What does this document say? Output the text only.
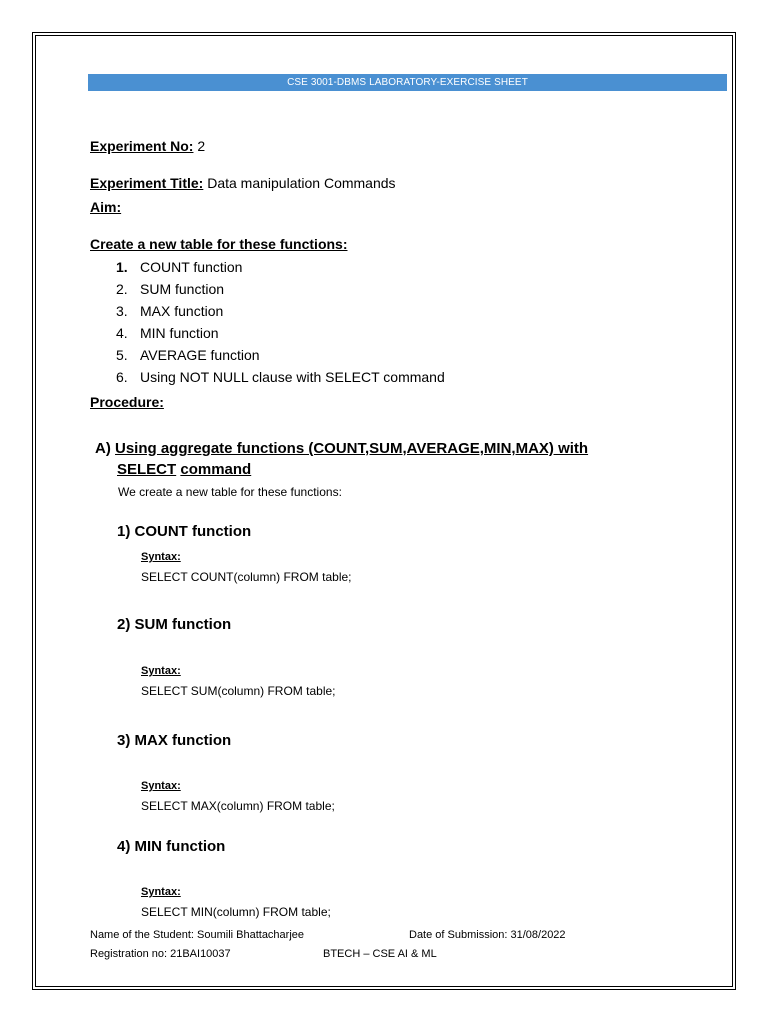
CSE 3001-DBMS LABORATORY-EXERCISE SHEET
Experiment No: 2
Experiment Title: Data manipulation Commands
Aim:
Create a new table for these functions:
1. COUNT function
2. SUM function
3. MAX function
4. MIN function
5. AVERAGE function
6. Using NOT NULL clause with SELECT command
Procedure:
A) Using aggregate functions (COUNT,SUM,AVERAGE,MIN,MAX) with
SELECT command
We create a new table for these functions:
1) COUNT function
Syntax:
SELECT COUNT(column) FROM table;
2) SUM function
Syntax:
SELECT SUM(column) FROM table;
3) MAX function
Syntax:
SELECT MAX(column) FROM table;
4) MIN function
Syntax:
SELECT MIN(column) FROM table;
Name of the Student: Soumili Bhattacharjee	Date of Submission: 31/08/2022
Registration no: 21BAI10037	BTECH – CSE AI & ML
